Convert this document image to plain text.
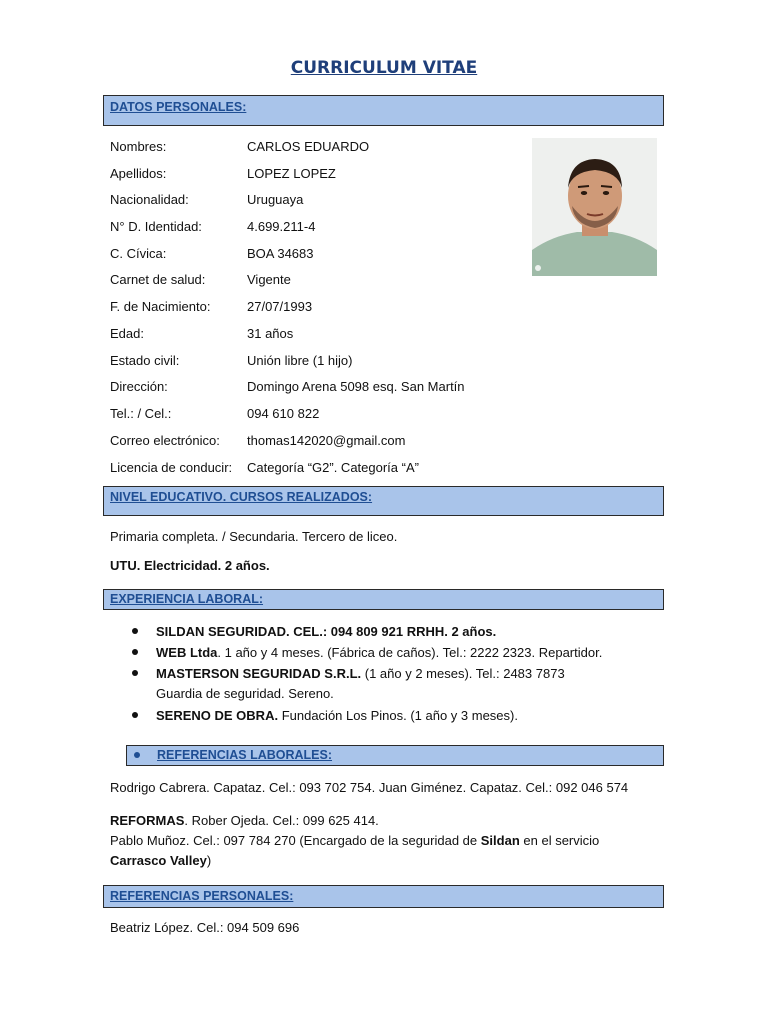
CURRICULUM VITAE
DATOS PERSONALES:
Nombres:	CARLOS EDUARDO
Apellidos:	LOPEZ LOPEZ
Nacionalidad:	Uruguaya
N° D. Identidad:	4.699.211-4
C. Cívica:	BOA 34683
Carnet de salud:	Vigente
F. de Nacimiento:	27/07/1993
Edad:	31 años
Estado civil:	Unión libre (1 hijo)
Dirección:	Domingo Arena 5098 esq. San Martín
Tel.: / Cel.:	094 610 822
Correo electrónico: thomas142020@gmail.com
Licencia de conducir: Categoría “G2”. Categoría “A”
NIVEL EDUCATIVO. CURSOS REALIZADOS:
Primaria completa. / Secundaria. Tercero de liceo.
UTU. Electricidad. 2 años.
EXPERIENCIA LABORAL:
SILDAN SEGURIDAD. CEL.: 094 809 921 RRHH. 2 años.
WEB Ltda. 1 año y 4 meses. (Fábrica de caños). Tel.: 2222 2323. Repartidor.
MASTERSON SEGURIDAD S.R.L. (1 año y 2 meses). Tel.: 2483 7873
Guardia de seguridad. Sereno.
SERENO DE OBRA. Fundación Los Pinos. (1 año y 3 meses).
REFERENCIAS LABORALES:
Rodrigo Cabrera. Capataz. Cel.: 093 702 754. Juan Giménez. Capataz. Cel.: 092 046 574
REFORMAS. Rober Ojeda. Cel.: 099 625 414.
Pablo Muñoz. Cel.: 097 784 270 (Encargado de la seguridad de Sildan en el servicio
Carrasco Valley)
REFERENCIAS PERSONALES:
Beatriz Lópe​z. Cel.: 094 509 696
